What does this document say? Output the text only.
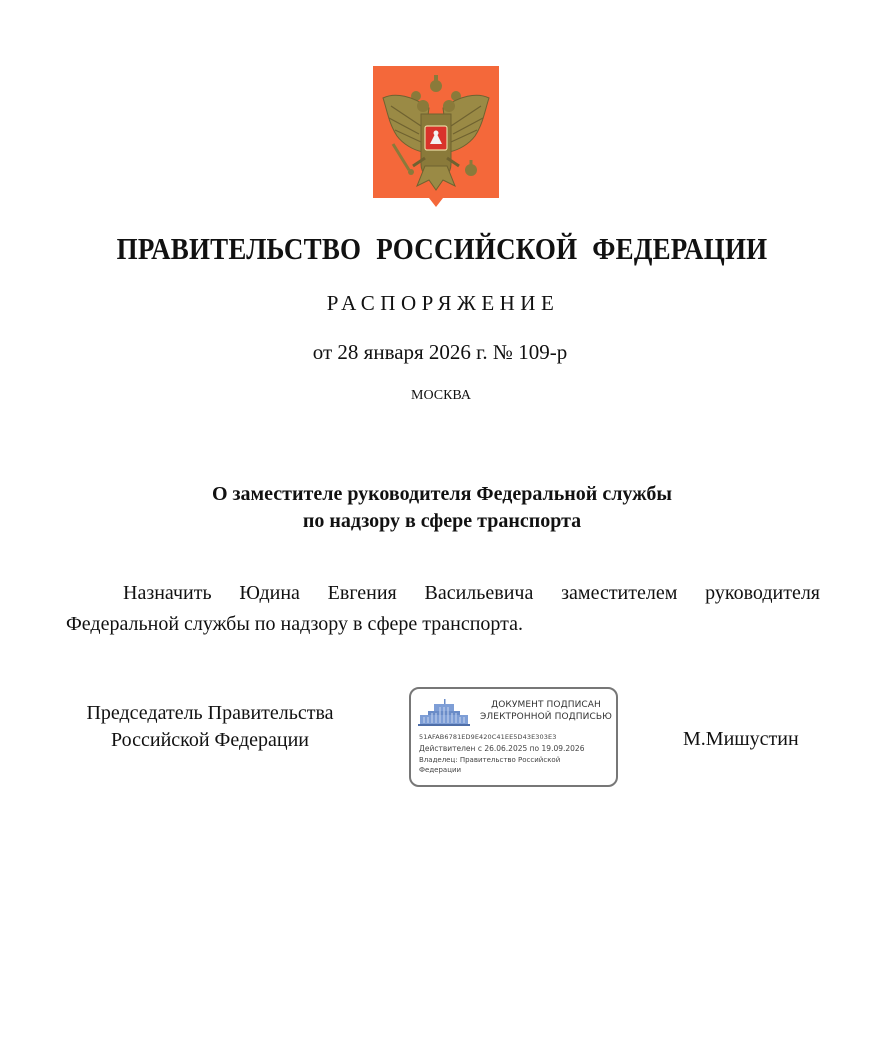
ПРАВИТЕЛЬСТВО РОССИЙСКОЙ ФЕДЕРАЦИИ
РАСПОРЯЖЕНИЕ
от 28 января 2026 г. № 109-р
МОСКВА
О заместителе руководителя Федеральной службы
по надзору в сфере транспорта
Назначить Юдина Евгения Васильевича заместителем руководителя Федеральной службы по надзору в сфере транспорта.
Председатель Правительства
Российской Федерации
ДОКУМЕНТ ПОДПИСАН
ЭЛЕКТРОННОЙ ПОДПИСЬЮ
51AFAB6781ED9E420C41EE5D43E303E3
Действителен с 26.06.2025 по 19.09.2026
Владелец: Правительство Российской
Федерации
М.Мишустин
